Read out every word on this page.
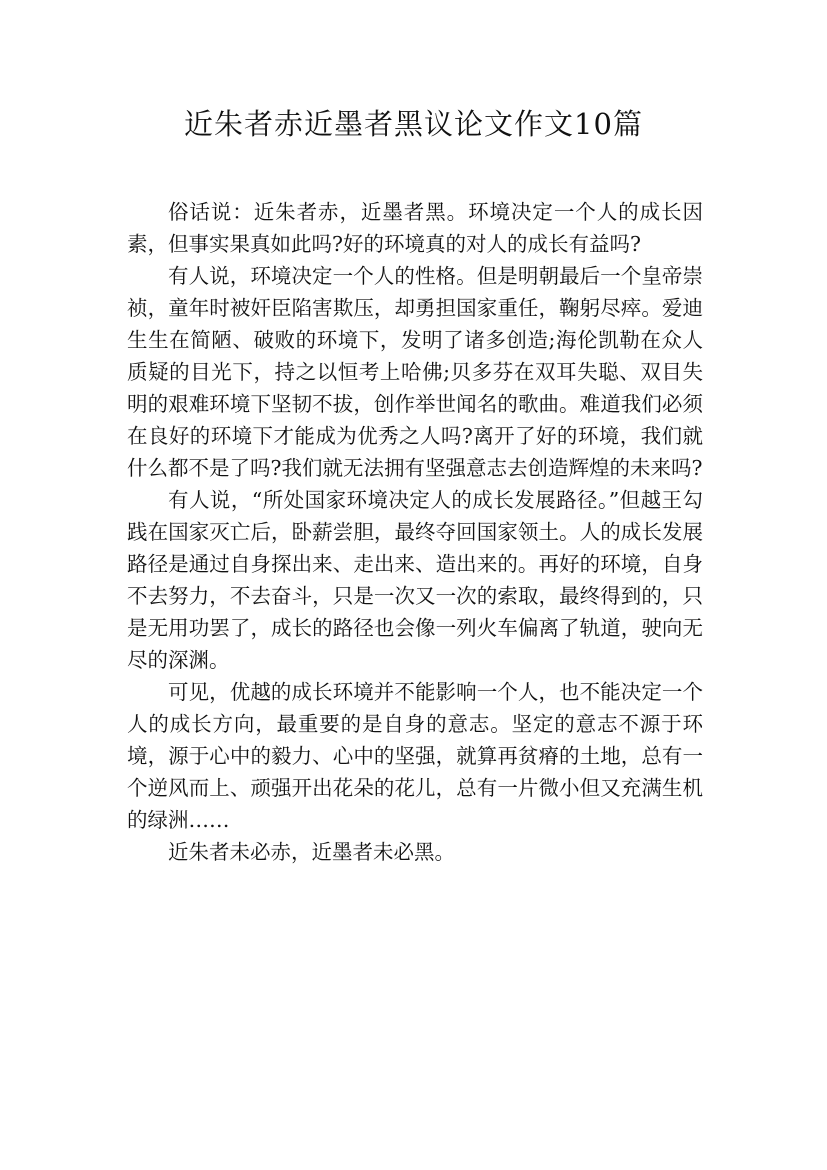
近朱者赤近墨者黑议论文作文10篇

俗话说：近朱者赤，近墨者黑。环境决定一个人的成长因素，但事实果真如此吗?好的环境真的对人的成长有益吗?

有人说，环境决定一个人的性格。但是明朝最后一个皇帝崇祯，童年时被奸臣陷害欺压，却勇担国家重任，鞠躬尽瘁。爱迪生生在简陋、破败的环境下，发明了诸多创造;海伦凯勒在众人质疑的目光下，持之以恒考上哈佛;贝多芬在双耳失聪、双目失明的艰难环境下坚韧不拔，创作举世闻名的歌曲。难道我们必须在良好的环境下才能成为优秀之人吗?离开了好的环境，我们就什么都不是了吗?我们就无法拥有坚强意志去创造辉煌的未来吗?

有人说，“所处国家环境决定人的成长发展路径。”但越王勾践在国家灭亡后，卧薪尝胆，最终夺回国家领土。人的成长发展路径是通过自身探出来、走出来、造出来的。再好的环境，自身不去努力，不去奋斗，只是一次又一次的索取，最终得到的，只是无用功罢了，成长的路径也会像一列火车偏离了轨道，驶向无尽的深渊。

可见，优越的成长环境并不能影响一个人，也不能决定一个人的成长方向，最重要的是自身的意志。坚定的意志不源于环境，源于心中的毅力、心中的坚强，就算再贫瘠的土地，总有一个逆风而上、顽强开出花朵的花儿，总有一片微小但又充满生机的绿洲……

近朱者未必赤，近墨者未必黑。
